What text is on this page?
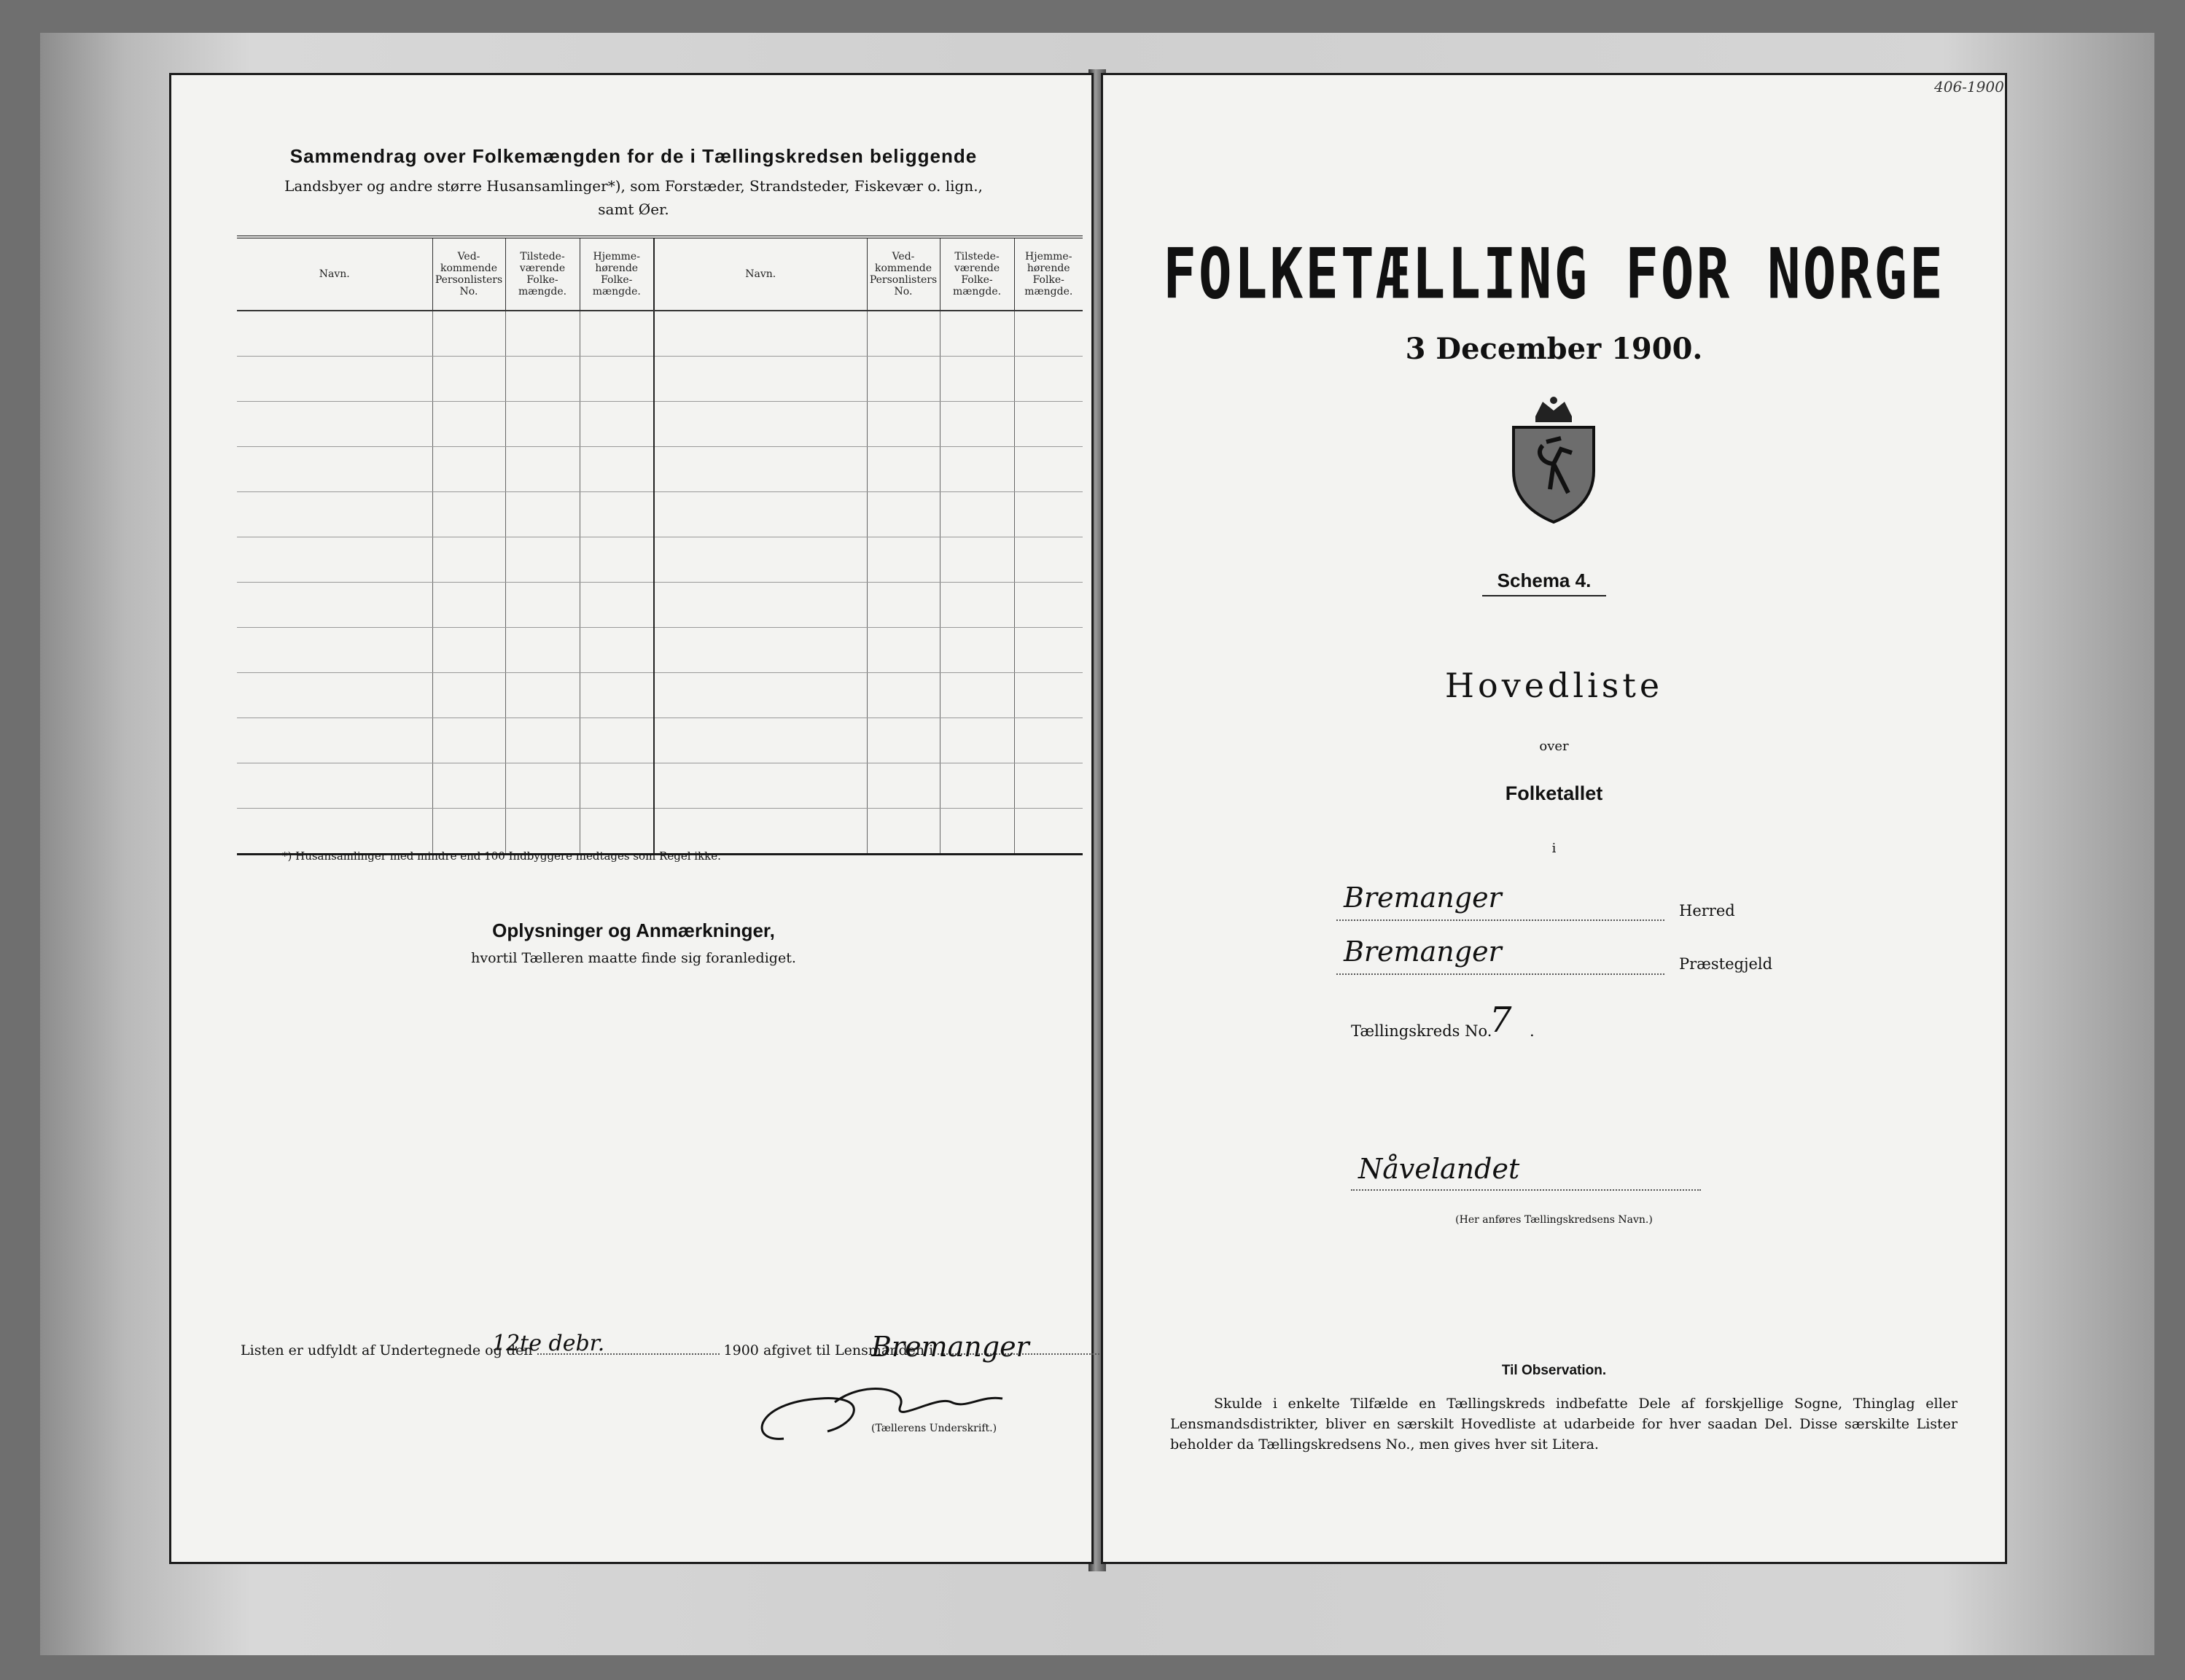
Sammendrag over Folkemængden for de i Tællingskredsen beliggende
Landsbyer og andre større Husansamlinger*), som Forstæder, Strandsteder, Fiskevær o. lign.,
samt Øer.
Navn.	Ved-kommende Personlisters No.	Tilstede-værende Folke-mængde.	Hjemme-hørende Folke-mængde.	Navn.	Ved-kommende Personlisters No.	Tilstede-værende Folke-mængde.	Hjemme-hørende Folke-mængde.

*) Husansamlinger med mindre end 100 Indbyggere medtages som Regel ikke.
Oplysninger og Anmærkninger,
hvortil Tælleren maatte finde sig foranlediget.
Listen er udfyldt af Undertegnede og den	1900 afgivet til Lensmanden i
12te debr.	Bremanger
(Tællerens Underskrift.)
406-1900
FOLKETÆLLING FOR NORGE
3 December 1900.
Schema 4.
Hovedliste
over
Folketallet
i
Bremanger	Herred
Bremanger	Præstegjeld
Tællingskreds No.
7 .
Nåvelandet
(Her anføres Tællingskredsens Navn.)
Til Observation.
Skulde i enkelte Tilfælde en Tællingskreds indbefatte Dele af forskjellige Sogne, Thinglag eller Lensmandsdistrikter, bliver en særskilt Hovedliste at udarbeide for hver saadan Del. Disse særskilte Lister beholder da Tællingskredsens No., men gives hver sit Litera.
